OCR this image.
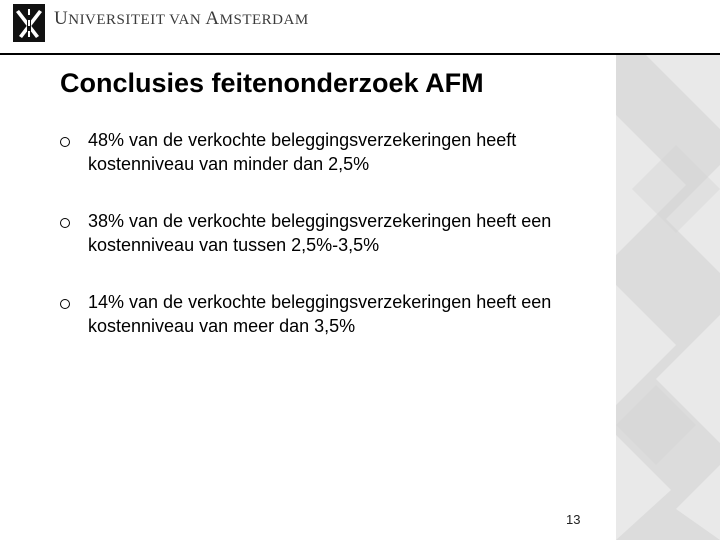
UNIVERSITEIT VAN AMSTERDAM
Conclusies feitenonderzoek AFM
48% van de verkochte beleggingsverzekeringen heeft
kostenniveau van minder dan 2,5%
38% van de verkochte beleggingsverzekeringen heeft een
kostenniveau van tussen 2,5%-3,5%
14% van de verkochte beleggingsverzekeringen heeft een
kostenniveau van meer dan 3,5%
13
